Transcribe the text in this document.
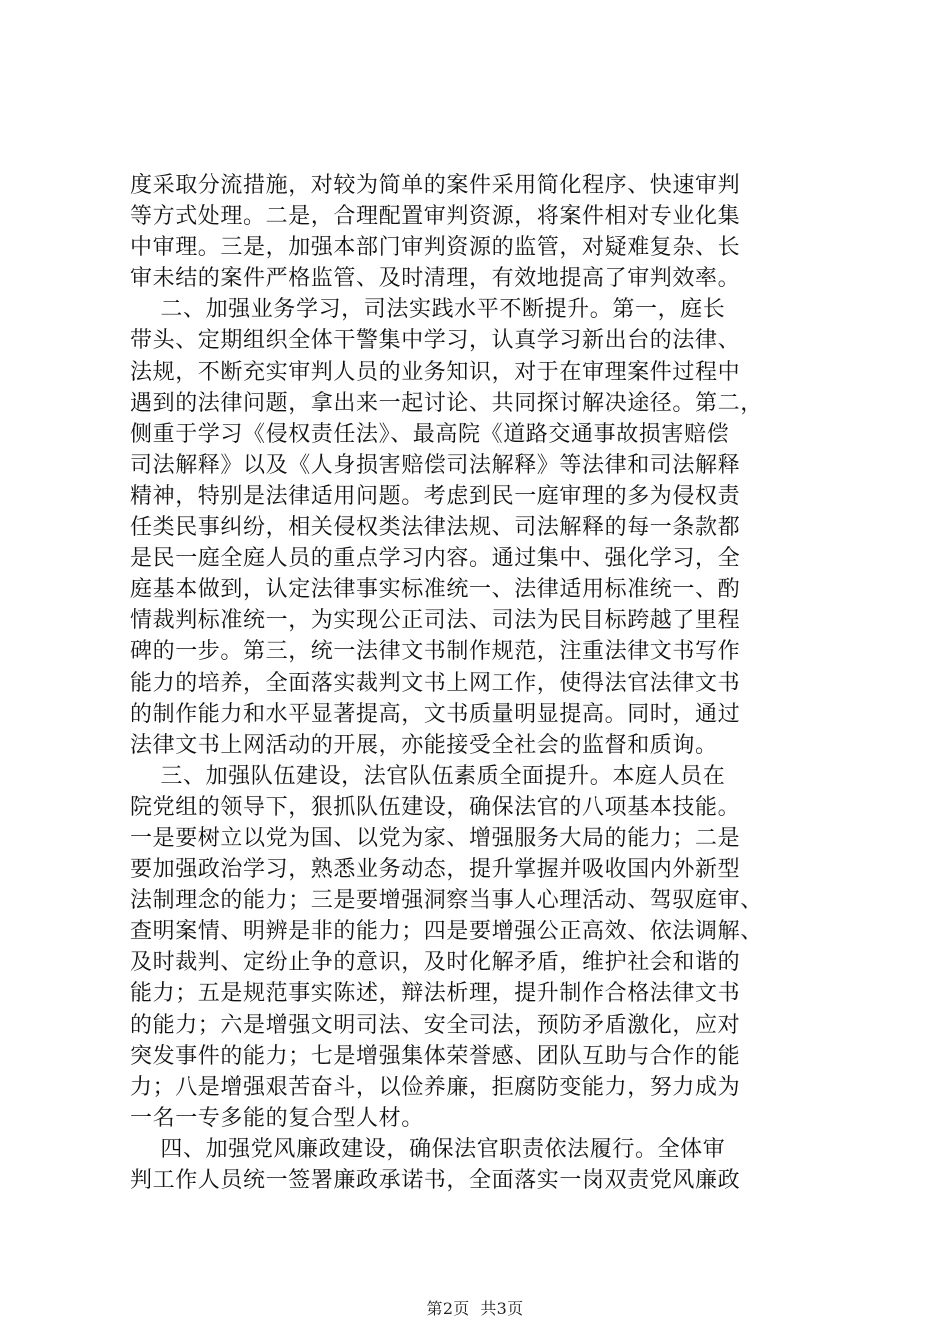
度采取分流措施，对较为简单的案件采用简化程序、快速审判
等方式处理。二是，合理配置审判资源，将案件相对专业化集
中审理。三是，加强本部门审判资源的监管，对疑难复杂、长
审未结的案件严格监管、及时清理，有效地提高了审判效率。
二、加强业务学习，司法实践水平不断提升。第一，庭长
带头、定期组织全体干警集中学习，认真学习新出台的法律、
法规，不断充实审判人员的业务知识，对于在审理案件过程中
遇到的法律问题，拿出来一起讨论、共同探讨解决途径。第二，
侧重于学习《侵权责任法》、最高院《道路交通事故损害赔偿
司法解释》以及《人身损害赔偿司法解释》等法律和司法解释
精神，特别是法律适用问题。考虑到民一庭审理的多为侵权责
任类民事纠纷，相关侵权类法律法规、司法解释的每一条款都
是民一庭全庭人员的重点学习内容。通过集中、强化学习，全
庭基本做到，认定法律事实标准统一、法律适用标准统一、酌
情裁判标准统一，为实现公正司法、司法为民目标跨越了里程
碑的一步。第三，统一法律文书制作规范，注重法律文书写作
能力的培养，全面落实裁判文书上网工作，使得法官法律文书
的制作能力和水平显著提高，文书质量明显提高。同时，通过
法律文书上网活动的开展，亦能接受全社会的监督和质询。
三、加强队伍建设，法官队伍素质全面提升。本庭人员在
院党组的领导下，狠抓队伍建设，确保法官的八项基本技能。
一是要树立以党为国、以党为家、增强服务大局的能力；二是
要加强政治学习，熟悉业务动态，提升掌握并吸收国内外新型
法制理念的能力；三是要增强洞察当事人心理活动、驾驭庭审、
查明案情、明辨是非的能力；四是要增强公正高效、依法调解、
及时裁判、定纷止争的意识，及时化解矛盾，维护社会和谐的
能力；五是规范事实陈述，辩法析理，提升制作合格法律文书
的能力；六是增强文明司法、安全司法，预防矛盾激化，应对
突发事件的能力；七是增强集体荣誉感、团队互助与合作的能
力；八是增强艰苦奋斗，以俭养廉，拒腐防变能力，努力成为
一名一专多能的复合型人材。
四、加强党风廉政建设，确保法官职责依法履行。全体审
判工作人员统一签署廉政承诺书，全面落实一岗双责党风廉政
第2页  共3页
